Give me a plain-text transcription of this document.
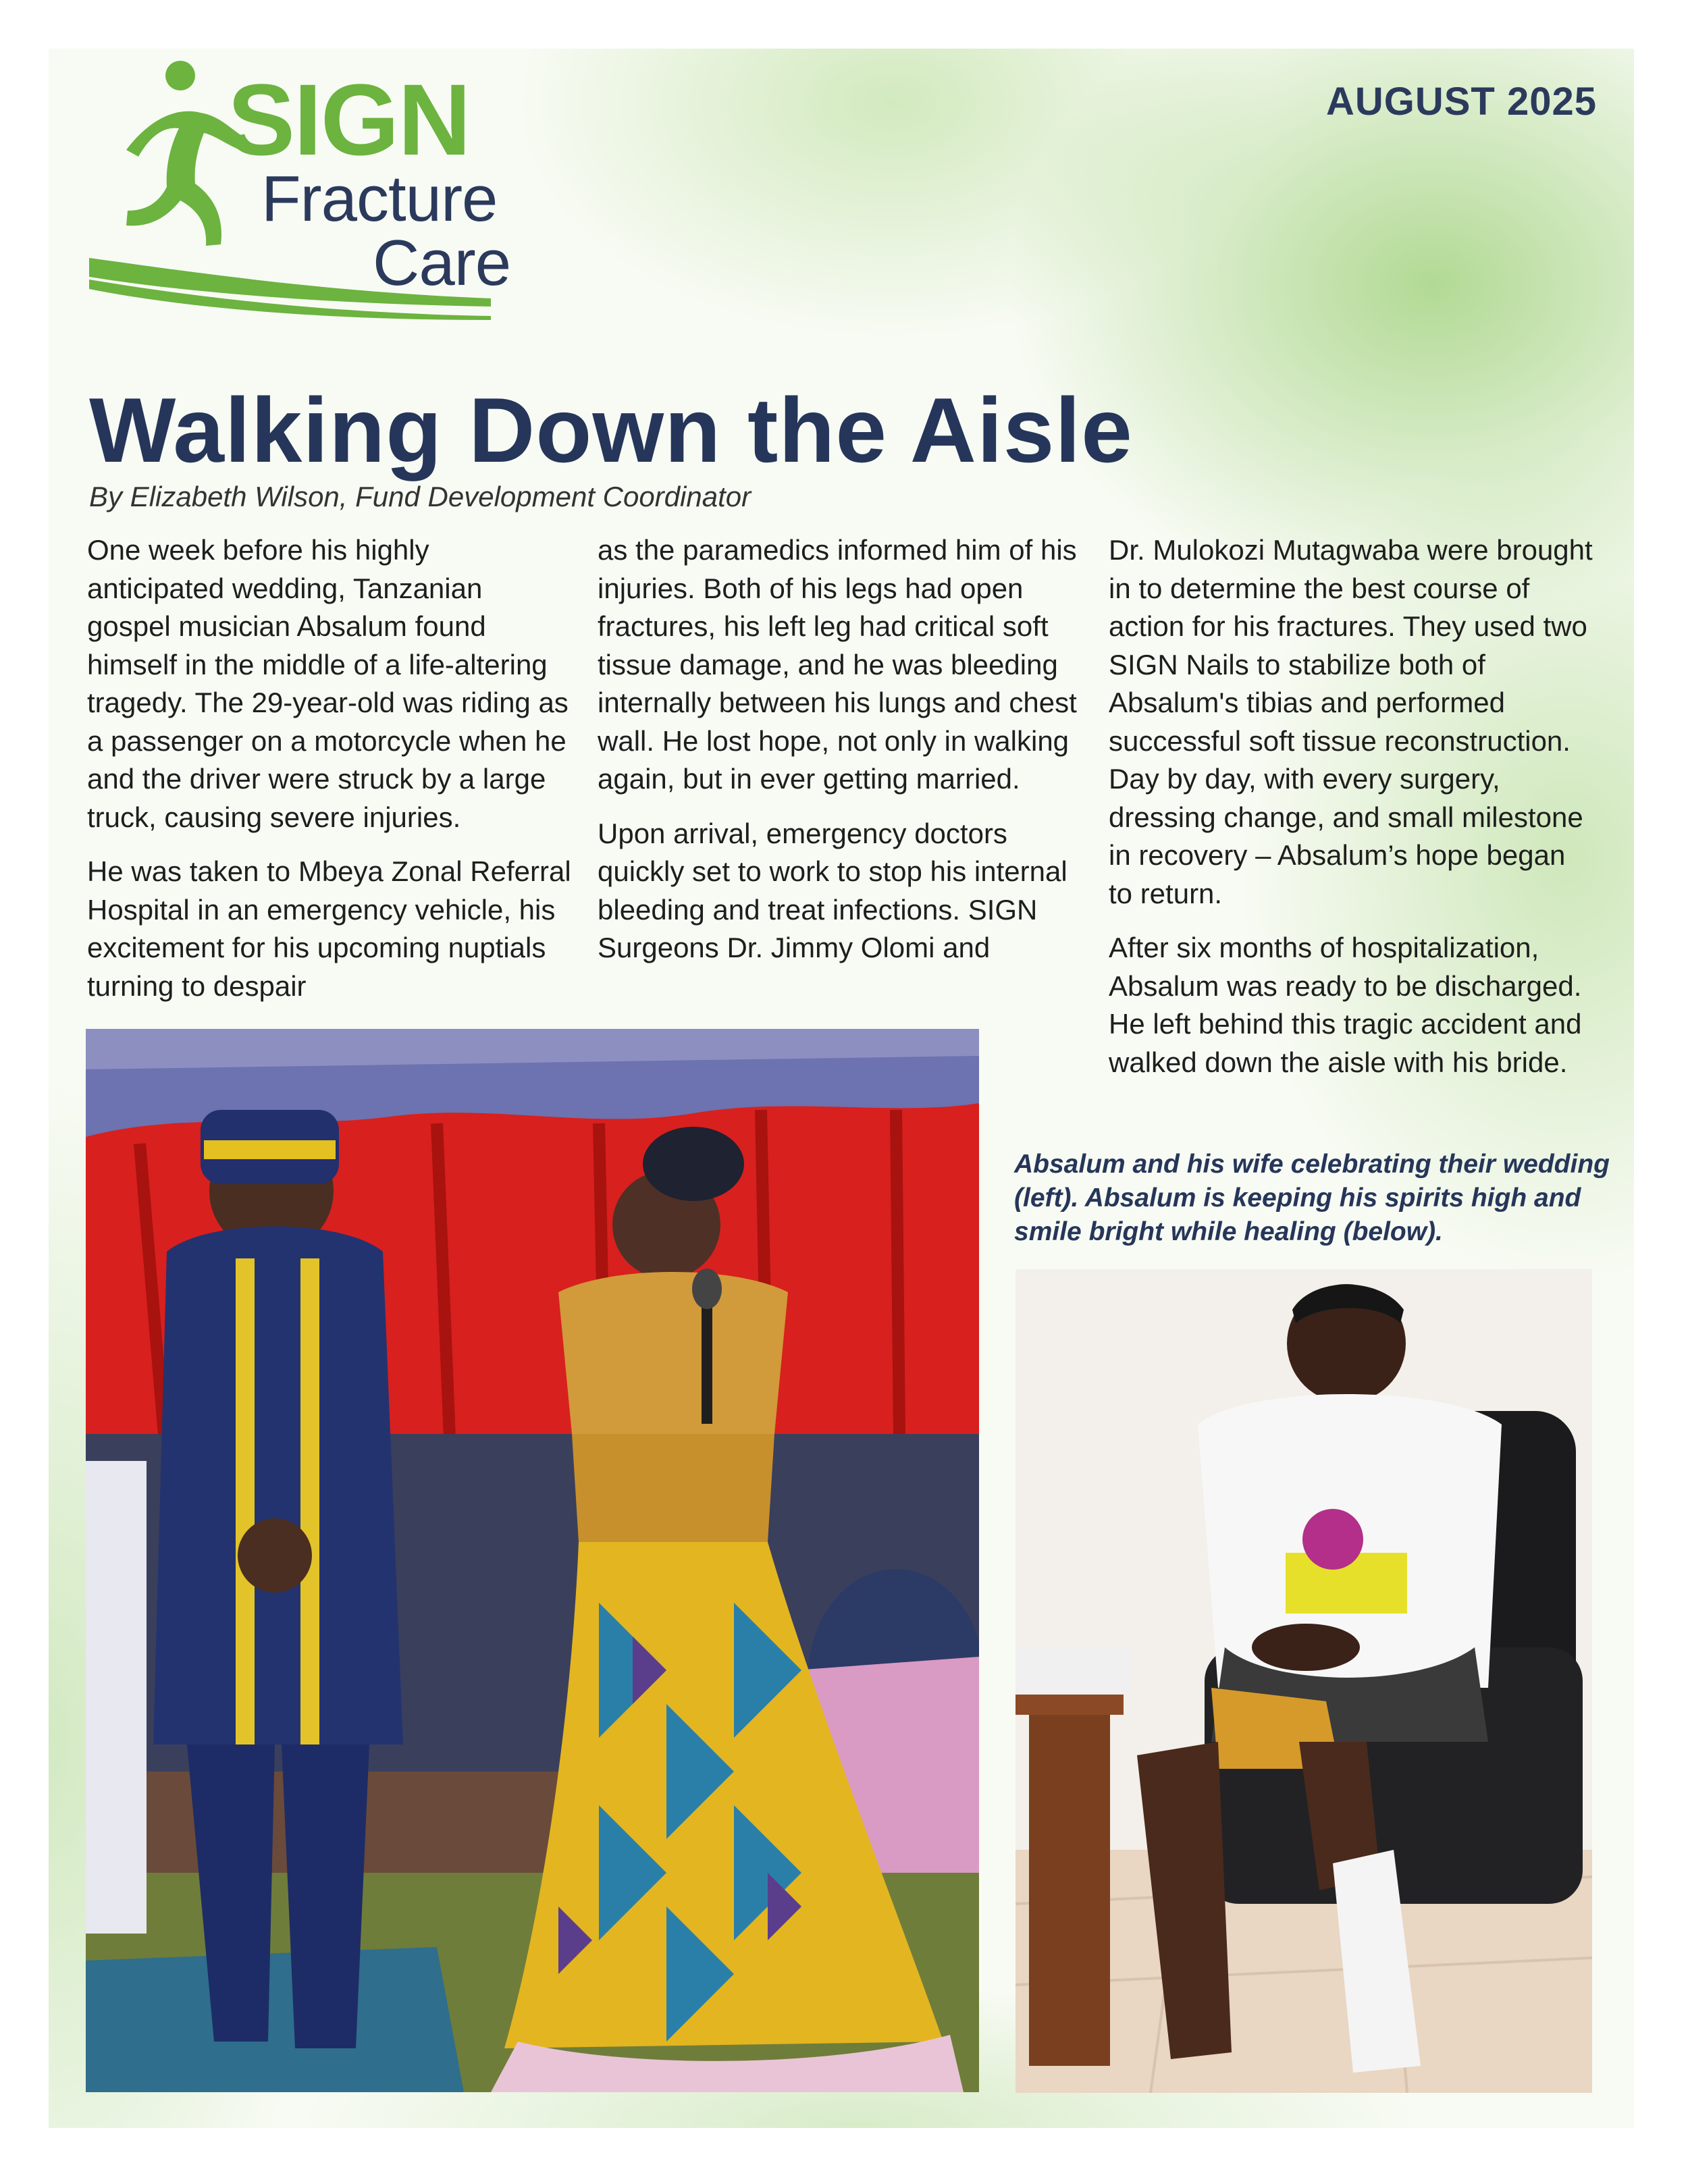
SIGN
Fracture
Care
AUGUST 2025
Walking Down the Aisle
By Elizabeth Wilson, Fund Development Coordinator

One week before his highly anticipated wedding, Tanzanian gospel musician Absalum found himself in the middle of a life-altering tragedy. The 29-year-old was riding as a passenger on a motorcycle when he and the driver were struck by a large truck, causing severe injuries.

He was taken to Mbeya Zonal Referral Hospital in an emergency vehicle, his excitement for his upcoming nuptials turning to despair

as the paramedics informed him of his injuries. Both of his legs had open fractures, his left leg had critical soft tissue damage, and he was bleeding internally between his lungs and chest wall. He lost hope, not only in walking again, but in ever getting married.

Upon arrival, emergency doctors quickly set to work to stop his internal bleeding and treat infections. SIGN Surgeons Dr. Jimmy Olomi and

Dr. Mulokozi Mutagwaba were brought in to determine the best course of action for his fractures. They used two SIGN Nails to stabilize both of Absalum's tibias and performed successful soft tissue reconstruction. Day by day, with every surgery, dressing change, and small milestone in recovery – Absalum’s hope began to return.

After six months of hospitalization, Absalum was ready to be discharged. He left behind this tragic accident and walked down the aisle with his bride.

Absalum and his wife celebrating their wedding (left). Absalum is keeping his spirits high and smile bright while healing (below).
